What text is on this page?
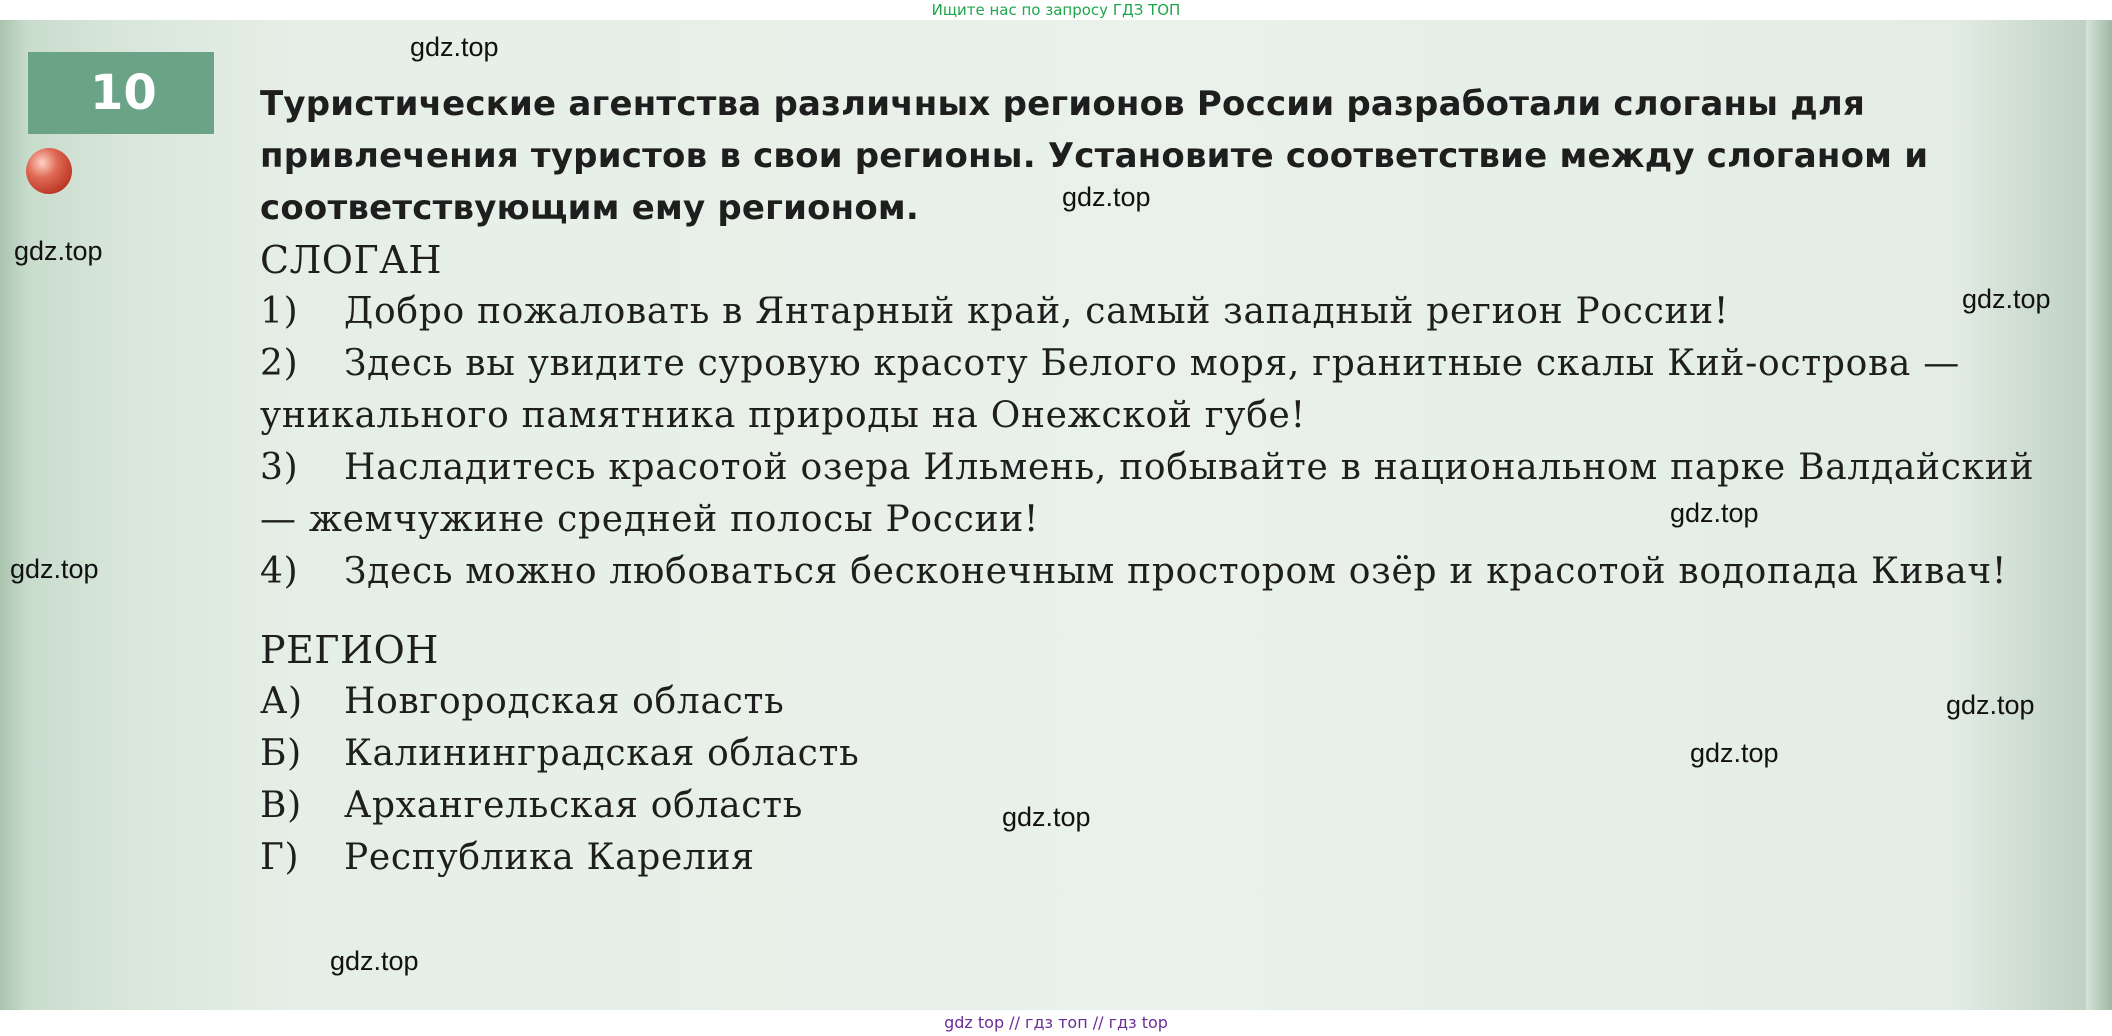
Ищите нас по запросу ГДЗ ТОП
10	Туристические агентства различных регионов России разработали слоганы для привлечения туристов в свои регионы. Установите соответствие между слоганом и соответствующим ему регионом.

СЛОГАН

1) Добро пожаловать в Янтарный край, самый западный регион России!

2) Здесь вы увидите суровую красоту Белого моря, гранитные скалы Кий-острова — уникального памятника природы на Онежской губе!

3) Насладитесь красотой озера Ильмень, побывайте в национальном парке Валдайский — жемчужине средней полосы России!

4) Здесь можно любоваться бесконечным простором озёр и красотой водопада Кивач!

РЕГИОН

А) Новгородская область

Б) Калининградская область

В) Архангельская область

Г) Республика Карелия

gdz.top
gdz.top
gdz.top
gdz.top
gdz.top
gdz.top
gdz.top
gdz.top
gdz.top
gdz.top
gdz top // гдз топ // гдз top
